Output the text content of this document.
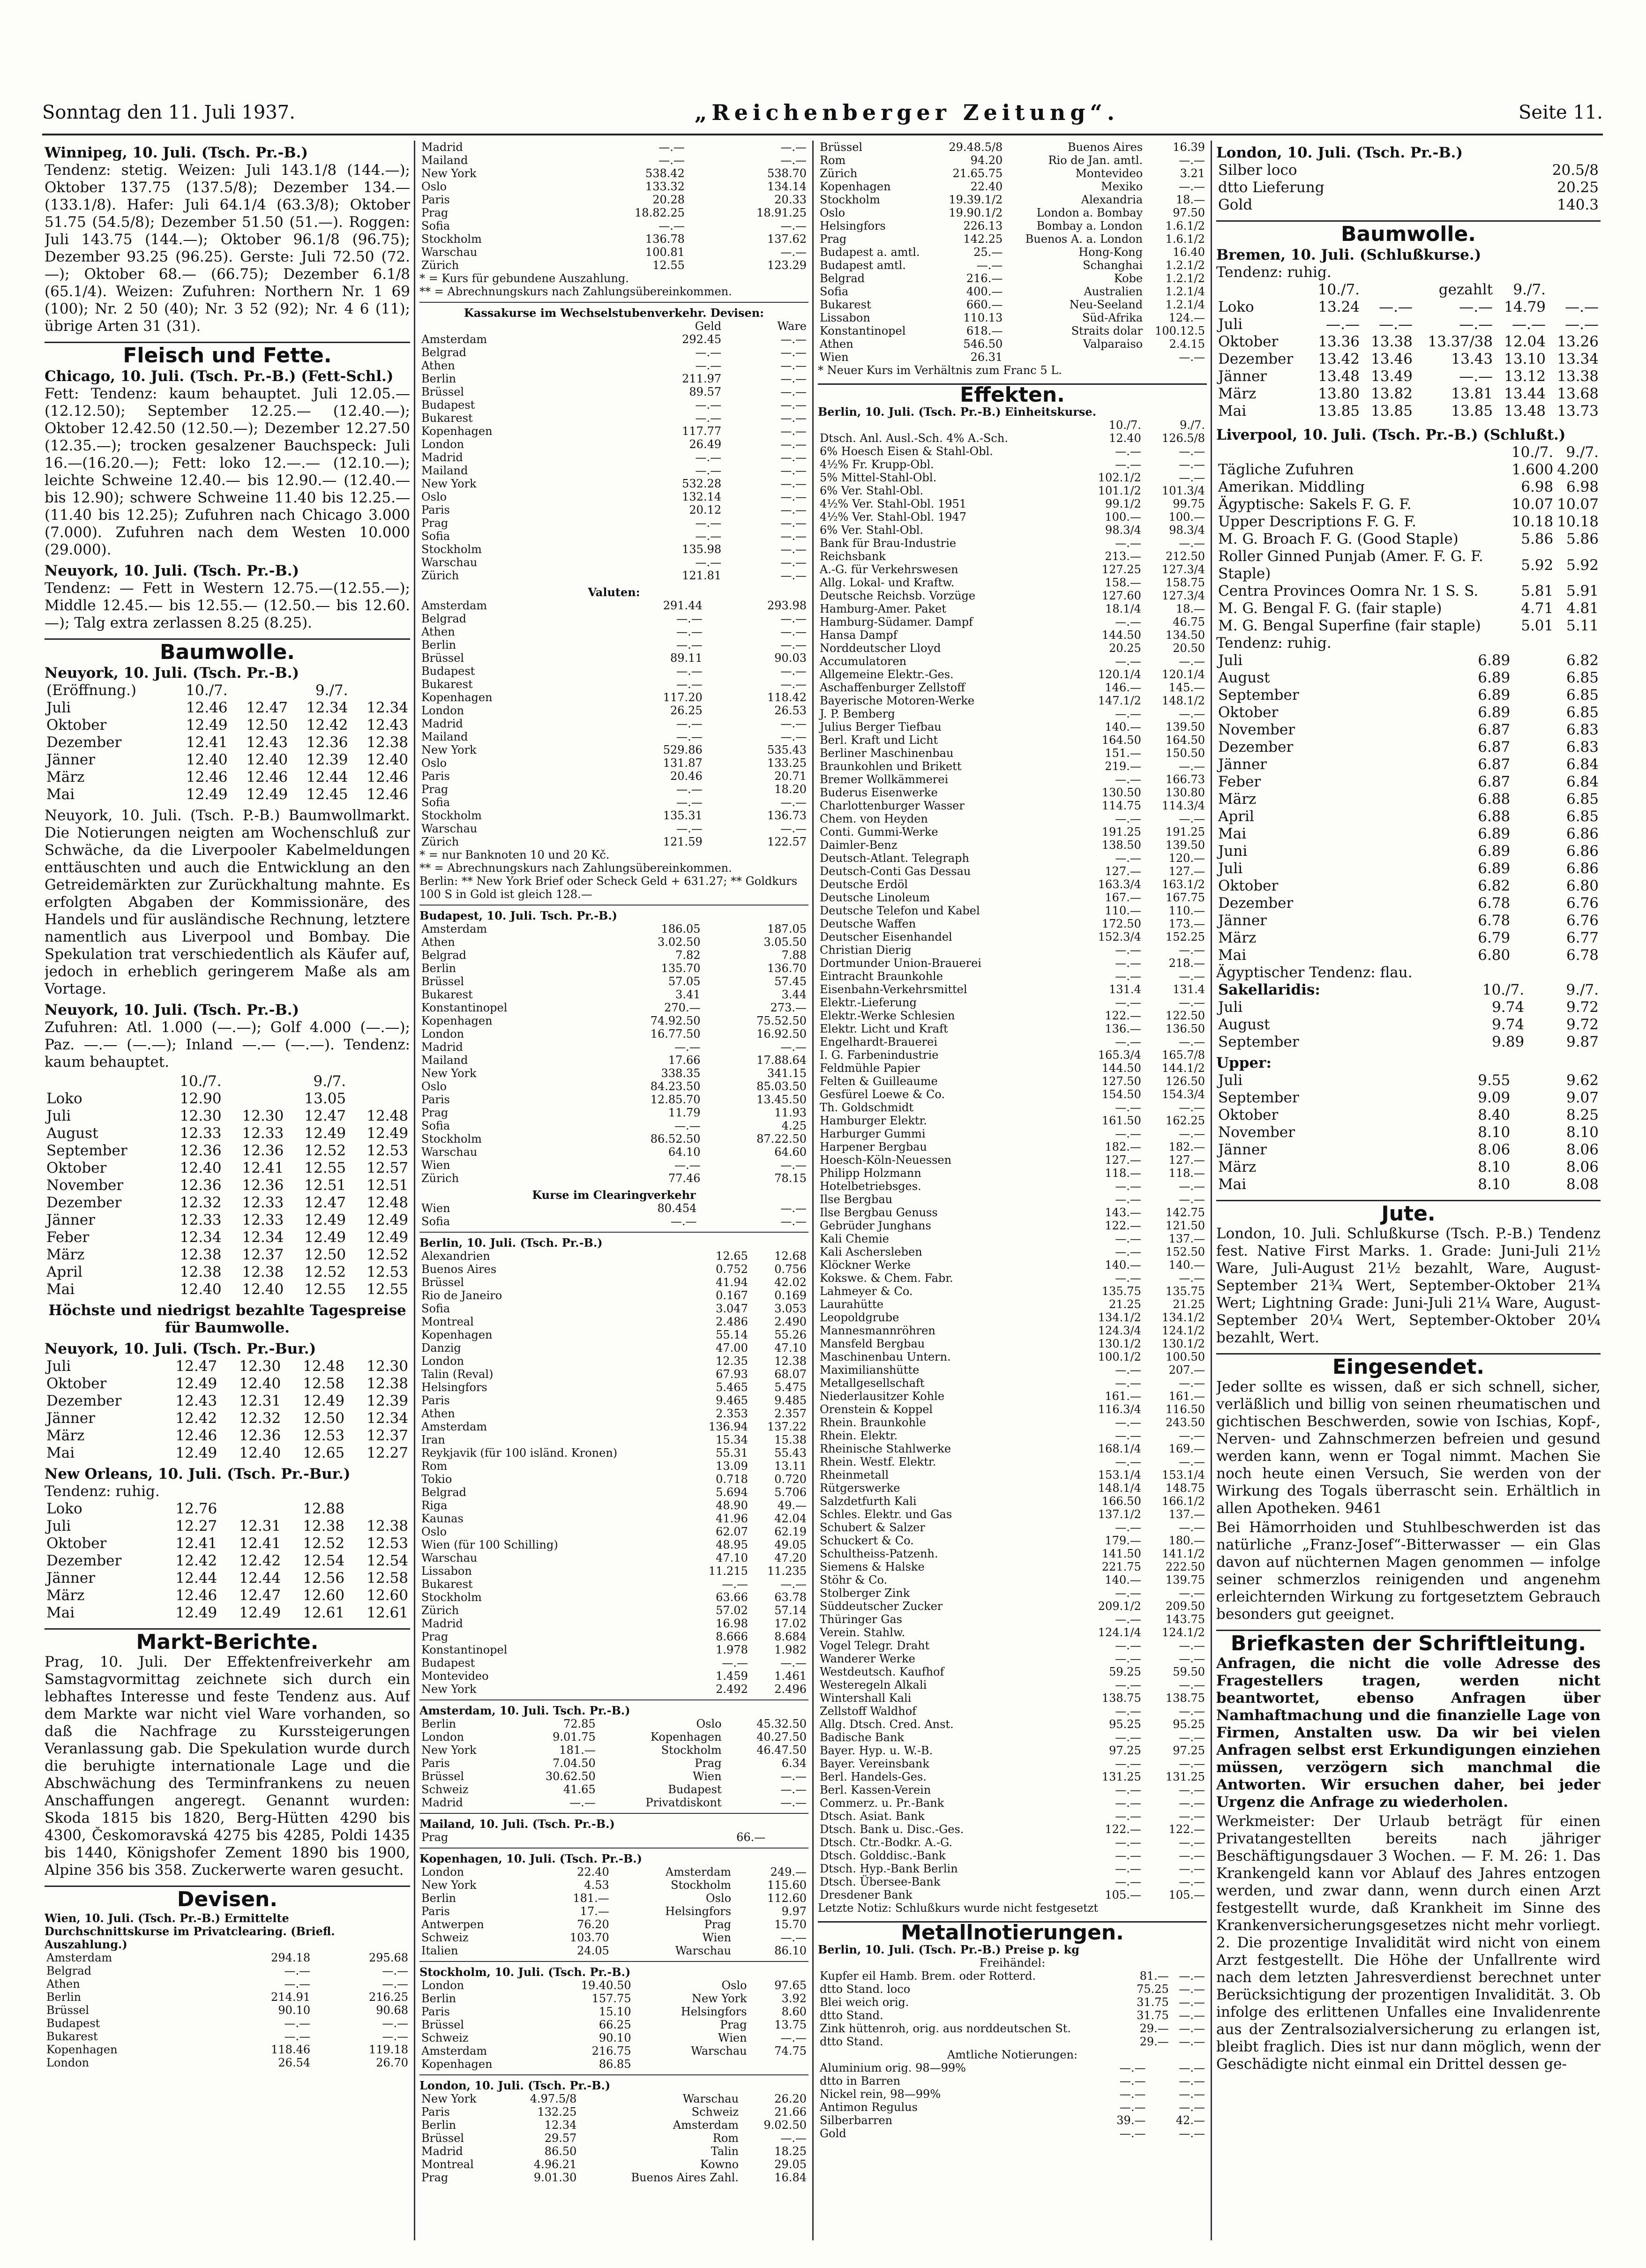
Sonntag den 11. Juli 1937.	„Reichenberger Zeitung“.	Seite 11.
Winnipeg, 10. Juli. (Tsch. Pr.-B.)

Tendenz: stetig. Weizen: Juli 143.1/8 (144.—); Oktober 137.75 (137.5/8); Dezember 134.— (133.1/8). Hafer: Juli 64.1/4 (63.3/8); Oktober 51.75 (54.5/8); Dezember 51.50 (51.—). Roggen: Juli 143.75 (144.—); Oktober 96.1/8 (96.75); Dezember 93.25 (96.25). Gerste: Juli 72.50 (72.—); Oktober 68.— (66.75); Dezember 6.1/8 (65.1/4). Weizen: Zufuhren: Northern Nr. 1 69 (100); Nr. 2 50 (40); Nr. 3 52 (92); Nr. 4 6 (11); übrige Arten 31 (31).

Fleisch und Fette.
Chicago, 10. Juli. (Tsch. Pr.-B.) (Fett-Schl.)

Fett: Tendenz: kaum behauptet. Juli 12.05.— (12.12.50); September 12.25.— (12.40.—); Oktober 12.42.50 (12.50.—); Dezember 12.27.50 (12.35.—); trocken gesalzener Bauchspeck: Juli 16.—(16.20.—); Fett: loko 12.—.— (12.10.—); leichte Schweine 12.40.— bis 12.90.— (12.40.— bis 12.90); schwere Schweine 11.40 bis 12.25.— (11.40 bis 12.25); Zufuhren nach Chicago 3.000 (7.000). Zufuhren nach dem Westen 10.000 (29.000).

Neuyork, 10. Juli. (Tsch. Pr.-B.)

Tendenz: — Fett in Western 12.75.—(12.55.—); Middle 12.45.— bis 12.55.— (12.50.— bis 12.60.—); Talg extra zerlassen 8.25 (8.25).

Baumwolle.
Neuyork, 10. Juli. (Tsch. Pr.-B.)
(Eröffnung.)	10./7.		9./7.	
Juli	12.46	12.47	12.34	12.34
Oktober	12.49	12.50	12.42	12.43
Dezember	12.41	12.43	12.36	12.38
Jänner	12.40	12.40	12.39	12.40
März	12.46	12.46	12.44	12.46
Mai	12.49	12.49	12.45	12.46

Neuyork, 10. Juli. (Tsch. P.-B.) Baumwollmarkt. Die Notierungen neigten am Wochenschluß zur Schwäche, da die Liverpooler Kabelmeldungen enttäuschten und auch die Entwicklung an den Getreidemärkten zur Zurückhaltung mahnte. Es erfolgten Abgaben der Kommissionäre, des Handels und für ausländische Rechnung, letztere namentlich aus Liverpool und Bombay. Die Spekulation trat verschiedentlich als Käufer auf, jedoch in erheblich geringerem Maße als am Vortage.

Neuyork, 10. Juli. (Tsch. Pr.-B.)

Zufuhren: Atl. 1.000 (—.—); Golf 4.000 (—.—); Paz. —.— (—.—); Inland —.— (—.—). Tendenz: kaum behauptet.

	10./7.		9./7.	
Loko	12.90		13.05	
Juli	12.30	12.30	12.47	12.48
August	12.33	12.33	12.49	12.49
September	12.36	12.36	12.52	12.53
Oktober	12.40	12.41	12.55	12.57
November	12.36	12.36	12.51	12.51
Dezember	12.32	12.33	12.47	12.48
Jänner	12.33	12.33	12.49	12.49
Feber	12.34	12.34	12.49	12.49
März	12.38	12.37	12.50	12.52
April	12.38	12.38	12.52	12.53
Mai	12.40	12.40	12.55	12.55
Höchste und niedrigst bezahlte Tagespreise für Baumwolle.
Neuyork, 10. Juli. (Tsch. Pr.-Bur.)
Juli	12.47	12.30	12.48	12.30
Oktober	12.49	12.40	12.58	12.38
Dezember	12.43	12.31	12.49	12.39
Jänner	12.42	12.32	12.50	12.34
März	12.46	12.36	12.53	12.37
Mai	12.49	12.40	12.65	12.27
New Orleans, 10. Juli. (Tsch. Pr.-Bur.)
Tendenz: ruhig.
Loko	12.76		12.88	
Juli	12.27	12.31	12.38	12.38
Oktober	12.41	12.41	12.52	12.53
Dezember	12.42	12.42	12.54	12.54
Jänner	12.44	12.44	12.56	12.58
März	12.46	12.47	12.60	12.60
Mai	12.49	12.49	12.61	12.61
Markt-Berichte.

Prag, 10. Juli. Der Effektenfreiverkehr am Samstagvormittag zeichnete sich durch ein lebhaftes Interesse und feste Tendenz aus. Auf dem Markte war nicht viel Ware vorhanden, so daß die Nachfrage zu Kurssteigerungen Veranlassung gab. Die Spekulation wurde durch die beruhigte internationale Lage und die Abschwächung des Terminfrankens zu neuen Anschaffungen angeregt. Genannt wurden: Skoda 1815 bis 1820, Berg-Hütten 4290 bis 4300, Českomoravská 4275 bis 4285, Poldi 1435 bis 1440, Königshofer Zement 1890 bis 1900, Alpine 356 bis 358. Zuckerwerte waren gesucht.

Devisen.
Wien, 10. Juli. (Tsch. Pr.-B.) Ermittelte Durchschnittskurse im Privatclearing. (Briefl. Auszahlung.)
Amsterdam	294.18	295.68
Belgrad	—.—	—.—
Athen	—.—	—.—
Berlin	214.91	216.25
Brüssel	90.10	90.68
Budapest	—.—	—.—
Bukarest	—.—	—.—
Kopenhagen	118.46	119.18
London	26.54	26.70
Madrid	—.—	—.—
Mailand	—.—	—.—
New York	538.42	538.70
Oslo	133.32	134.14
Paris	20.28	20.33
Prag	18.82.25	18.91.25
Sofia	—.—	—.—
Stockholm	136.78	137.62
Warschau	100.81	—.—
Zürich	12.55	123.29
* = Kurs für gebundene Auszahlung.
** = Abrechnungskurs nach Zahlungsübereinkommen.
Kassakurse im Wechselstubenverkehr. Devisen:
	Geld	Ware
Amsterdam	292.45	—.—
Belgrad	—.—	—.—
Athen	—.—	—.—
Berlin	211.97	—.—
Brüssel	89.57	—.—
Budapest	—.—	—.—
Bukarest	—.—	—.—
Kopenhagen	117.77	—.—
London	26.49	—.—
Madrid	—.—	—.—
Mailand	—.—	—.—
New York	532.28	—.—
Oslo	132.14	—.—
Paris	20.12	—.—
Prag	—.—	—.—
Sofia	—.—	—.—
Stockholm	135.98	—.—
Warschau	—.—	—.—
Zürich	121.81	—.—
Valuten:
Amsterdam	291.44	293.98
Belgrad	—.—	—.—
Athen	—.—	—.—
Berlin	—.—	—.—
Brüssel	89.11	90.03
Budapest	—.—	—.—
Bukarest	—.—	—.—
Kopenhagen	117.20	118.42
London	26.25	26.53
Madrid	—.—	—.—
Mailand	—.—	—.—
New York	529.86	535.43
Oslo	131.87	133.25
Paris	20.46	20.71
Prag	—.—	18.20
Sofia	—.—	—.—
Stockholm	135.31	136.73
Warschau	—.—	—.—
Zürich	121.59	122.57
* = nur Banknoten 10 und 20 Kč.
** = Abrechnungskurs nach Zahlungsübereinkommen.
Berlin: ** New York Brief oder Scheck Geld + 631.27; ** Goldkurs 100 S in Gold ist gleich 128.—
Budapest, 10. Juli. Tsch. Pr.-B.)
Amsterdam	186.05	187.05
Athen	3.02.50	3.05.50
Belgrad	7.82	7.88
Berlin	135.70	136.70
Brüssel	57.05	57.45
Bukarest	3.41	3.44
Konstantinopel	270.—	273.—
Kopenhagen	74.92.50	75.52.50
London	16.77.50	16.92.50
Madrid	—.—	—.—
Mailand	17.66	17.88.64
New York	338.35	341.15
Oslo	84.23.50	85.03.50
Paris	12.85.70	13.45.50
Prag	11.79	11.93
Sofia	—.—	4.25
Stockholm	86.52.50	87.22.50
Warschau	64.10	64.60
Wien	—.—	—.—
Zürich	77.46	78.15
Kurse im Clearingverkehr
Wien	80.454	—.—
Sofia	—.—	—.—
Berlin, 10. Juli. (Tsch. Pr.-B.)
Alexandrien	12.65	12.68
Buenos Aires	0.752	0.756
Brüssel	41.94	42.02
Rio de Janeiro	0.167	0.169
Sofia	3.047	3.053
Montreal	2.486	2.490
Kopenhagen	55.14	55.26
Danzig	47.00	47.10
London	12.35	12.38
Talin (Reval)	67.93	68.07
Helsingfors	5.465	5.475
Paris	9.465	9.485
Athen	2.353	2.357
Amsterdam	136.94	137.22
Iran	15.34	15.38
Reykjavik (für 100 isländ. Kronen)	55.31	55.43
Rom	13.09	13.11
Tokio	0.718	0.720
Belgrad	5.694	5.706
Riga	48.90	49.—
Kaunas	41.96	42.04
Oslo	62.07	62.19
Wien (für 100 Schilling)	48.95	49.05
Warschau	47.10	47.20
Lissabon	11.215	11.235
Bukarest	—.—	—.—
Stockholm	63.66	63.78
Zürich	57.02	57.14
Madrid	16.98	17.02
Prag	8.666	8.684
Konstantinopel	1.978	1.982
Budapest	—.—	—.—
Montevideo	1.459	1.461
New York	2.492	2.496
Amsterdam, 10. Juli. Tsch. Pr.-B.)
Berlin	72.85	Oslo	45.32.50
London	9.01.75	Kopenhagen	40.27.50
New York	181.—	Stockholm	46.47.50
Paris	7.04.50	Prag	6.34
Brüssel	30.62.50	Wien	—.—
Schweiz	41.65	Budapest	—.—
Madrid	—.—	Privatdiskont	—.—
Mailand, 10. Juli. (Tsch. Pr.-B.)
Prag	66.—		
Kopenhagen, 10. Juli. (Tsch. Pr.-B.)
London	22.40	Amsterdam	249.—
New York	4.53	Stockholm	115.60
Berlin	181.—	Oslo	112.60
Paris	17.—	Helsingfors	9.97
Antwerpen	76.20	Prag	15.70
Schweiz	103.70	Wien	—.—
Italien	24.05	Warschau	86.10
Stockholm, 10. Juli. (Tsch. Pr.-B.)
London	19.40.50	Oslo	97.65
Berlin	157.75	New York	3.92
Paris	15.10	Helsingfors	8.60
Brüssel	66.25	Prag	13.75
Schweiz	90.10	Wien	—.—
Amsterdam	216.75	Warschau	74.75
Kopenhagen	86.85		
London, 10. Juli. (Tsch. Pr.-B.)
New York	4.97.5/8	Warschau	26.20
Paris	132.25	Schweiz	21.66
Berlin	12.34	Amsterdam	9.02.50
Brüssel	29.57	Rom	—.—
Madrid	86.50	Talin	18.25
Montreal	4.96.21	Kowno	29.05
Prag	9.01.30	Buenos Aires Zahl.	16.84
Brüssel	29.48.5/8	Buenos Aires	16.39
Rom	94.20	Rio de Jan. amtl.	—.—
Zürich	21.65.75	Montevideo	3.21
Kopenhagen	22.40	Mexiko	—.—
Stockholm	19.39.1/2	Alexandria	18.—
Oslo	19.90.1/2	London a. Bombay	97.50
Helsingfors	226.13	Bombay a. London	1.6.1/2
Prag	142.25	Buenos A. a. London	1.6.1/2
Budapest a. amtl.	25.—	Hong-Kong	16.40
Budapest amtl.	—.—	Schanghai	1.2.1/2
Belgrad	216.—	Kobe	1.2.1/2
Sofia	400.—	Australien	1.2.1/4
Bukarest	660.—	Neu-Seeland	1.2.1/4
Lissabon	110.13	Süd-Afrika	124.—
Konstantinopel	618.—	Straits dolar	100.12.5
Athen	546.50	Valparaiso	2.4.15
Wien	26.31		—.—
* Neuer Kurs im Verhältnis zum Franc 5 L.
Effekten.
Berlin, 10. Juli. (Tsch. Pr.-B.) Einheitskurse.
	10./7.	9./7.
Dtsch. Anl. Ausl.-Sch. 4% A.-Sch.	12.40	126.5/8
6% Hoesch Eisen & Stahl-Obl.	—.—	—.—
4½% Fr. Krupp-Obl.	—.—	—.—
5% Mittel-Stahl-Obl.	102.1/2	—.—
6% Ver. Stahl-Obl.	101.1/2	101.3/4
4½% Ver. Stahl-Obl. 1951	99.1/2	99.75
4½% Ver. Stahl-Obl. 1947	100.—	100.—
6% Ver. Stahl-Obl.	98.3/4	98.3/4
Bank für Brau-Industrie	—.—	—.—
Reichsbank	213.—	212.50
A.-G. für Verkehrswesen	127.25	127.3/4
Allg. Lokal- und Kraftw.	158.—	158.75
Deutsche Reichsb. Vorzüge	127.60	127.3/4
Hamburg-Amer. Paket	18.1/4	18.—
Hamburg-Südamer. Dampf	—.—	46.75
Hansa Dampf	144.50	134.50
Norddeutscher Lloyd	20.25	20.50
Accumulatoren	—.—	—.—
Allgemeine Elektr.-Ges.	120.1/4	120.1/4
Aschaffenburger Zellstoff	146.—	145.—
Bayerische Motoren-Werke	147.1/2	148.1/2
J. P. Bemberg	—.—	—.—
Julius Berger Tiefbau	140.—	139.50
Berl. Kraft und Licht	164.50	164.50
Berliner Maschinenbau	151.—	150.50
Braunkohlen und Brikett	219.—	—.—
Bremer Wollkämmerei	—.—	166.73
Buderus Eisenwerke	130.50	130.80
Charlottenburger Wasser	114.75	114.3/4
Chem. von Heyden	—.—	—.—
Conti. Gummi-Werke	191.25	191.25
Daimler-Benz	138.50	139.50
Deutsch-Atlant. Telegraph	—.—	120.—
Deutsch-Conti Gas Dessau	127.—	127.—
Deutsche Erdöl	163.3/4	163.1/2
Deutsche Linoleum	167.—	167.75
Deutsche Telefon und Kabel	110.—	110.—
Deutsche Waffen	172.50	173.—
Deutscher Eisenhandel	152.3/4	152.25
Christian Dierig	—.—	—.—
Dortmunder Union-Brauerei	—.—	218.—
Eintracht Braunkohle	—.—	—.—
Eisenbahn-Verkehrsmittel	131.4	131.4
Elektr.-Lieferung	—.—	—.—
Elektr.-Werke Schlesien	122.—	122.50
Elektr. Licht und Kraft	136.—	136.50
Engelhardt-Brauerei	—.—	—.—
I. G. Farbenindustrie	165.3/4	165.7/8
Feldmühle Papier	144.50	144.1/2
Felten & Guilleaume	127.50	126.50
Gesfürel Loewe & Co.	154.50	154.3/4
Th. Goldschmidt	—.—	—.—
Hamburger Elektr.	161.50	162.25
Harburger Gummi	—.—	—.—
Harpener Bergbau	182.—	182.—
Hoesch-Köln-Neuessen	127.—	127.—
Philipp Holzmann	118.—	118.—
Hotelbetriebsges.	—.—	—.—
Ilse Bergbau	—.—	—.—
Ilse Bergbau Genuss	143.—	142.75
Gebrüder Junghans	122.—	121.50
Kali Chemie	—.—	137.—
Kali Aschersleben	—.—	152.50
Klöckner Werke	140.—	140.—
Kokswe. & Chem. Fabr.	—.—	—.—
Lahmeyer & Co.	135.75	135.75
Laurahütte	21.25	21.25
Leopoldgrube	134.1/2	134.1/2
Mannesmannröhren	124.3/4	124.1/2
Mansfeld Bergbau	130.1/2	130.1/2
Maschinenbau Untern.	100.1/2	100.50
Maximilianshütte	—.—	207.—
Metallgesellschaft	—.—	—.—
Niederlausitzer Kohle	161.—	161.—
Orenstein & Koppel	116.3/4	116.50
Rhein. Braunkohle	—.—	243.50
Rhein. Elektr.	—.—	—.—
Rheinische Stahlwerke	168.1/4	169.—
Rhein. Westf. Elektr.	—.—	—.—
Rheinmetall	153.1/4	153.1/4
Rütgerswerke	148.1/4	148.75
Salzdetfurth Kali	166.50	166.1/2
Schles. Elektr. und Gas	137.1/2	137.—
Schubert & Salzer	—.—	—.—
Schuckert & Co.	179.—	180.—
Schultheiss-Patzenh.	141.50	141.1/2
Siemens & Halske	221.75	222.50
Stöhr & Co.	140.—	139.75
Stolberger Zink	—.—	—.—
Süddeutscher Zucker	209.1/2	209.50
Thüringer Gas	—.—	143.75
Verein. Stahlw.	124.1/4	124.1/2
Vogel Telegr. Draht	—.—	—.—
Wanderer Werke	—.—	—.—
Westdeutsch. Kaufhof	59.25	59.50
Westeregeln Alkali	—.—	—.—
Wintershall Kali	138.75	138.75
Zellstoff Waldhof	—.—	—.—
Allg. Dtsch. Cred. Anst.	95.25	95.25
Badische Bank	—.—	—.—
Bayer. Hyp. u. W.-B.	97.25	97.25
Bayer. Vereinsbank	—.—	—.—
Berl. Handels-Ges.	131.25	131.25
Berl. Kassen-Verein	—.—	—.—
Commerz. u. Pr.-Bank	—.—	—.—
Dtsch. Asiat. Bank	—.—	—.—
Dtsch. Bank u. Disc.-Ges.	122.—	122.—
Dtsch. Ctr.-Bodkr. A.-G.	—.—	—.—
Dtsch. Golddisc.-Bank	—.—	—.—
Dtsch. Hyp.-Bank Berlin	—.—	—.—
Dtsch. Übersee-Bank	—.—	—.—
Dresdener Bank	105.—	105.—
Letzte Notiz: Schlußkurs wurde nicht festgesetzt
Metallnotierungen.
Berlin, 10. Juli. (Tsch. Pr.-B.) Preise p. kg
Freihändel:
Kupfer eil Hamb. Brem. oder Rotterd.	81.—	—.—
dtto Stand. loco	75.25	—.—
Blei weich orig.	31.75	—.—
dtto Stand.	31.75	—.—
Zink hüttenroh, orig. aus norddeutschen St.	29.—	—.—
dtto Stand.	29.—	—.—
Amtliche Notierungen:
Aluminium orig. 98—99%	—.—	—.—
dtto in Barren	—.—	—.—
Nickel rein, 98—99%	—.—	—.—
Antimon Regulus	—.—	—.—
Silberbarren	39.—	42.—
Gold	—.—	—.—
London, 10. Juli. (Tsch. Pr.-B.)
Silber loco	20.5/8
dtto Lieferung	20.25
Gold	140.3
Baumwolle.
Bremen, 10. Juli. (Schlußkurse.)
Tendenz: ruhig.
	10./7.		gezahlt	9./7.	
Loko	13.24	—.—	—.—	14.79	—.—
Juli	—.—	—.—	—.—	—.—	—.—
Oktober	13.36	13.38	13.37/38	12.04	13.26
Dezember	13.42	13.46	13.43	13.10	13.34
Jänner	13.48	13.49	—.—	13.12	13.38
März	13.80	13.82	13.81	13.44	13.68
Mai	13.85	13.85	13.85	13.48	13.73
Liverpool, 10. Juli. (Tsch. Pr.-B.) (Schlußt.)
	10./7.	9./7.
Tägliche Zufuhren	1.600	4.200
Amerikan. Middling	6.98	6.98
Ägyptische: Sakels F. G. F.	10.07	10.07
Upper Descriptions F. G. F.	10.18	10.18
M. G. Broach F. G. (Good Staple)	5.86	5.86
Roller Ginned Punjab (Amer. F. G. F. Staple)	5.92	5.92
Centra Provinces Oomra Nr. 1 S. S.	5.81	5.91
M. G. Bengal F. G. (fair staple)	4.71	4.81
M. G. Bengal Superfine (fair staple)	5.01	5.11
Tendenz: ruhig.
Juli	6.89	6.82
August	6.89	6.85
September	6.89	6.85
Oktober	6.89	6.85
November	6.87	6.83
Dezember	6.87	6.83
Jänner	6.87	6.84
Feber	6.87	6.84
März	6.88	6.85
April	6.88	6.85
Mai	6.89	6.86
Juni	6.89	6.86
Juli	6.89	6.86
Oktober	6.82	6.80
Dezember	6.78	6.76
Jänner	6.78	6.76
März	6.79	6.77
Mai	6.80	6.78
Ägyptischer Tendenz: flau.
Sakellaridis:	10./7.	9./7.
Juli	9.74	9.72
August	9.74	9.72
September	9.89	9.87
Upper:
Juli	9.55	9.62
September	9.09	9.07
Oktober	8.40	8.25
November	8.10	8.10
Jänner	8.06	8.06
März	8.10	8.06
Mai	8.10	8.08
Jute.

London, 10. Juli. Schlußkurse (Tsch. P.-B.) Tendenz fest. Native First Marks. 1. Grade: Juni-Juli 21½ Ware, Juli-August 21½ bezahlt, Ware, August-September 21¾ Wert, September-Oktober 21¾ Wert; Lightning Grade: Juni-Juli 21¼ Ware, August-September 20¼ Wert, September-Oktober 20¼ bezahlt, Wert.

Eingesendet.

Jeder sollte es wissen, daß er sich schnell, sicher, verläßlich und billig von seinen rheumatischen und gichtischen Beschwerden, sowie von Ischias, Kopf-, Nerven- und Zahnschmerzen befreien und gesund werden kann, wenn er Togal nimmt. Machen Sie noch heute einen Versuch, Sie werden von der Wirkung des Togals überrascht sein. Erhältlich in allen Apotheken. 9461

Bei Hämorrhoiden und Stuhlbeschwerden ist das natürliche „Franz-Josef“-Bitterwasser — ein Glas davon auf nüchternen Magen genommen — infolge seiner schmerzlos reinigenden und angenehm erleichternden Wirkung zu fortgesetztem Gebrauch besonders gut geeignet.

Briefkasten der Schriftleitung.

Anfragen, die nicht die volle Adresse des Fragestellers tragen, werden nicht beantwortet, ebenso Anfragen über Namhaftmachung und die finanzielle Lage von Firmen, Anstalten usw. Da wir bei vielen Anfragen selbst erst Erkundigungen einziehen müssen, verzögern sich manchmal die Antworten. Wir ersuchen daher, bei jeder Urgenz die Anfrage zu wiederholen.

Werkmeister: Der Urlaub beträgt für einen Privatangestellten bereits nach jähriger Beschäftigungsdauer 3 Wochen. — F. M. 26: 1. Das Krankengeld kann vor Ablauf des Jahres entzogen werden, und zwar dann, wenn durch einen Arzt festgestellt wurde, daß Krankheit im Sinne des Krankenversicherungsgesetzes nicht mehr vorliegt. 2. Die prozentige Invalidität wird nicht von einem Arzt festgestellt. Die Höhe der Unfallrente wird nach dem letzten Jahresverdienst berechnet unter Berücksichtigung der prozentigen Invalidität. 3. Ob infolge des erlittenen Unfalles eine Invalidenrente aus der Zentralsozialversicherung zu erlangen ist, bleibt fraglich. Dies ist nur dann möglich, wenn der Geschädigte nicht einmal ein Drittel dessen ge-
